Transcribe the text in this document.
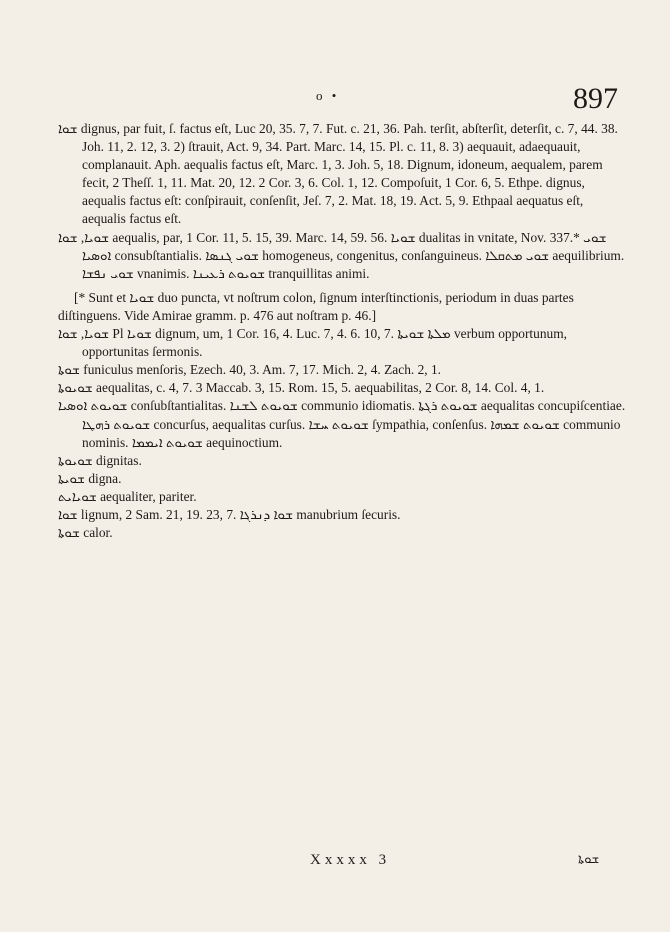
o •	897

ܫܘܐ dignus, par fuit, ſ. factus eſt, Luc 20, 35. 7, 7. Fut. c. 21, 36. Pah. terſit, abſterſit, deterſit, c. 7, 44. 38. Joh. 11, 2. 12, 3. 2) ſtrauit, Act. 9, 34. Part. Marc. 14, 15. Pl. c. 11, 8. 3) aequauit, adaequauit, complanauit. Aph. aequalis factus eſt, Marc. 1, 3. Joh. 5, 18. Dignum, idoneum, aequalem, parem fecit, 2 Theſſ. 1, 11. Mat. 20, 12. 2 Cor. 3, 6. Col. 1, 12. Compoſuit, 1 Cor. 6, 5. Ethpe. dignus, aequalis factus eſt: conſpirauit, conſenſit, Jeſ. 7, 2. Mat. 18, 19. Act. 5, 9. Ethpaal aequatus eſt, aequalis factus eſt.

ܫܘܝܐ, ܫܘܐ aequalis, par, 1 Cor. 11, 5. 15, 39. Marc. 14, 59. 56. ܫܘܝܐ dualitas in vnitate, Nov. 337.* ܫܘܝ ܐܘܣܝܐ consubſtantialis. ܫܘܝ ܓܢܣܐ homogeneus, congenitus, conſanguineus. ܫܘܝ ܡܬܩܠܐ aequilibrium. ܫܘܝ ܢܦܫܐ vnanimis. ܫܘܝܘܬ ܪܥܝܢܐ tranquillitas animi.

[* Sunt et ܫܘܝܐ duo puncta, vt noſtrum colon, ſignum interſtinctionis, periodum in duas partes diſtinguens. Vide Amirae gramm. p. 476 aut noſtram p. 46.]

ܫܘܝܐ, ܫܘܐ Pl ܫܘܝܐ dignum, um, 1 Cor. 16, 4. Luc. 7, 4. 6. 10, 7. ܡܠܬܐ ܫܘܝܬܐ verbum opportunum, opportunitas ſermonis.

ܫܘܬܐ funiculus menſoris, Ezech. 40, 3. Am. 7, 17. Mich. 2, 4. Zach. 2, 1.

ܫܘܝܘܬܐ aequalitas, c. 4, 7. 3 Maccab. 3, 15. Rom. 15, 5. aequabilitas, 2 Cor. 8, 14. Col. 4, 1.

ܫܘܝܘܬ ܐܘܣܝܐ conſubſtantialitas. ܫܘܝܘܬ ܠܫܢܐ communio idiomatis. ܫܘܝܘܬ ܪܓܬܐ aequalitas concupiſcentiae. ܫܘܝܘܬ ܪܗܛܐ concurſus, aequalitas curſus. ܫܘܝܘܬ ܚܫܐ ſympathia, conſenſus. ܫܘܝܘܬ ܫܡܗܐ communio nominis. ܫܘܝܘܬ ܐܝܡܡܐ aequinoctium.

ܫܘܝܘܬܐ dignitas.

ܫܘܝܬܐ digna.

ܫܘܝܐܝܬ aequaliter, pariter.

ܫܘܐ lignum, 2 Sam. 21, 19. 23, 7. ܫܘܐ ܕܢܪܓܐ manubrium ſecuris.

ܫܘܬܐ calor.

Xxxxx 3	ܫܘܬܐ
